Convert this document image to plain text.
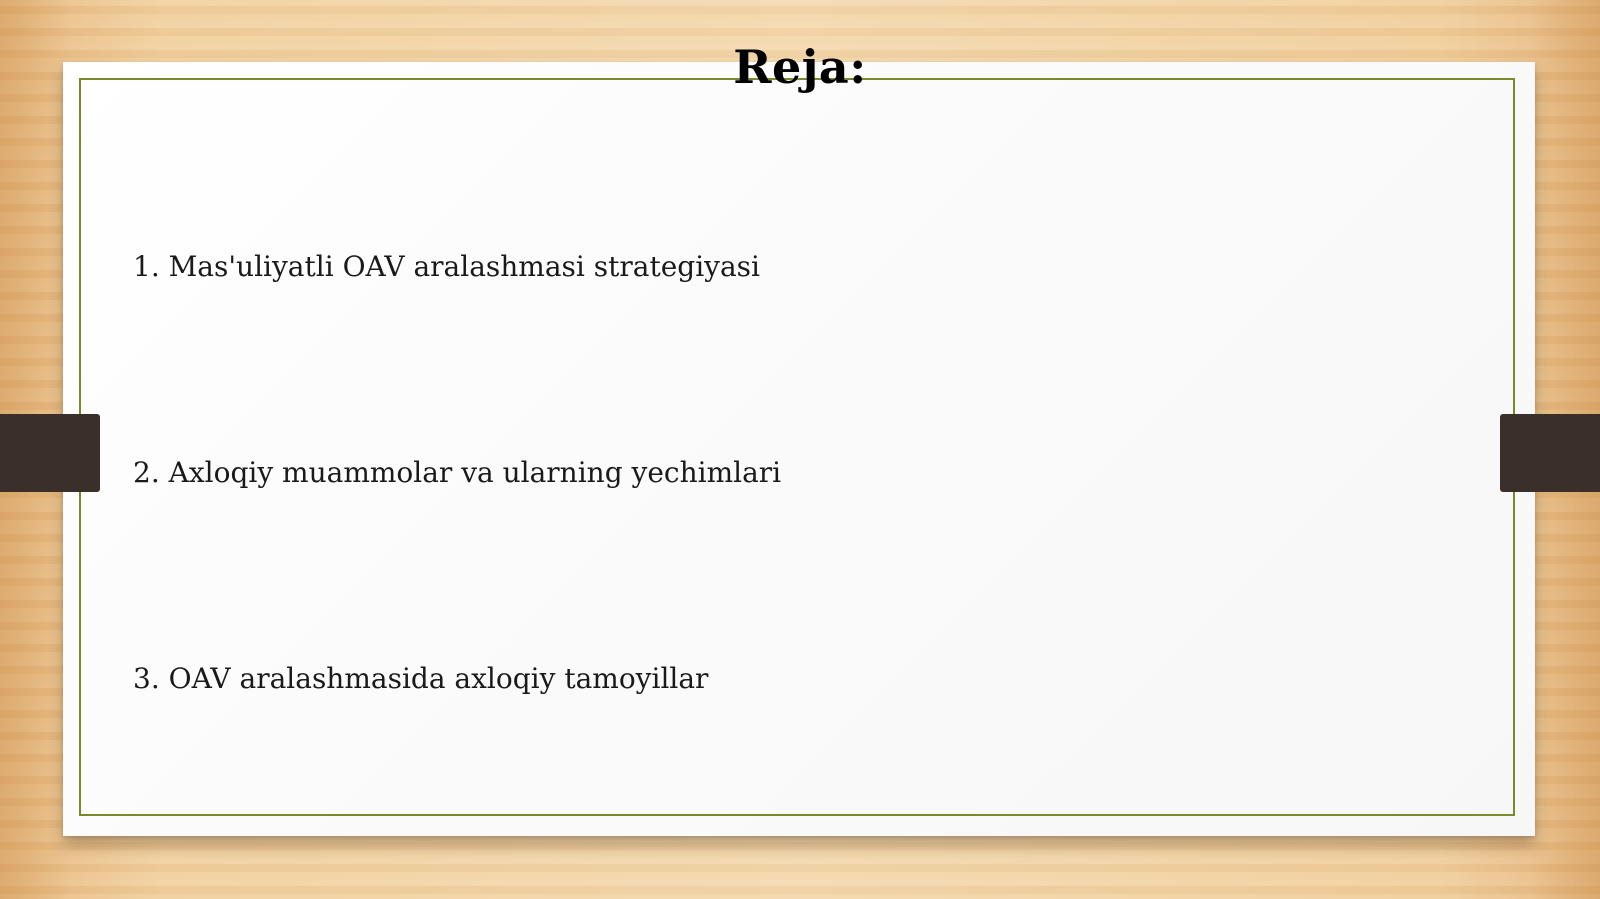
Reja:
1. Mas'uliyatli OAV aralashmasi strategiyasi
2. Axloqiy muammolar va ularning yechimlari
3. OAV aralashmasida axloqiy tamoyillar
